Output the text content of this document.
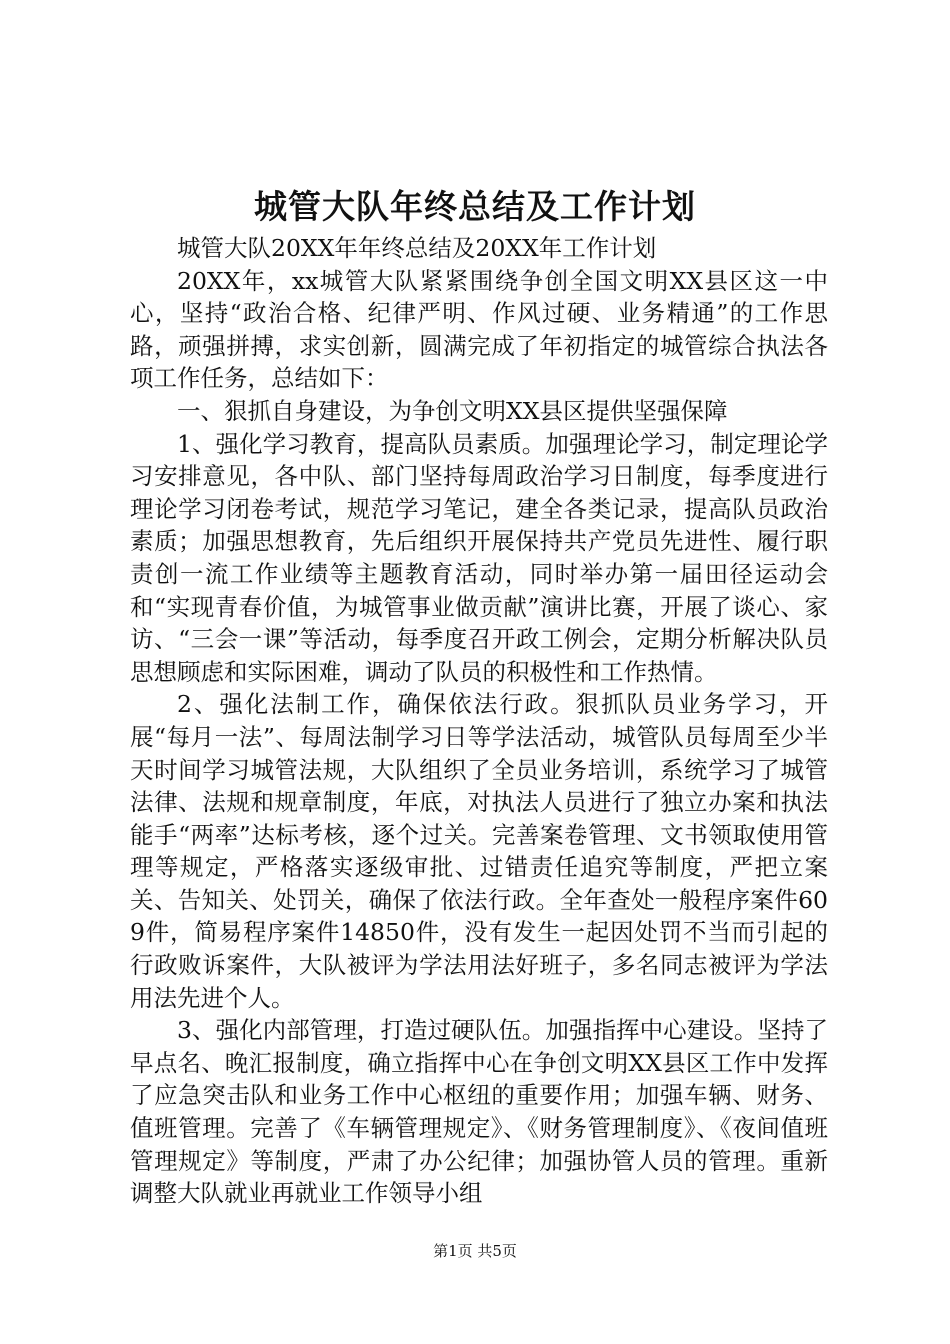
城管大队年终总结及工作计划

城管大队20XX年年终总结及20XX年工作计划

20XX年，xx城管大队紧紧围绕争创全国文明XX县区这一中心，坚持“政治合格、纪律严明、作风过硬、业务精通”的工作思路，顽强拼搏，求实创新，圆满完成了年初指定的城管综合执法各项工作任务，总结如下：

一、狠抓自身建设，为争创文明XX县区提供坚强保障

1、强化学习教育，提高队员素质。加强理论学习，制定理论学习安排意见，各中队、部门坚持每周政治学习日制度，每季度进行理论学习闭卷考试，规范学习笔记，建全各类记录，提高队员政治素质；加强思想教育，先后组织开展保持共产党员先进性、履行职责创一流工作业绩等主题教育活动，同时举办第一届田径运动会和“实现青春价值，为城管事业做贡献”演讲比赛，开展了谈心、家访、“三会一课”等活动，每季度召开政工例会，定期分析解决队员思想顾虑和实际困难，调动了队员的积极性和工作热情。

2、强化法制工作，确保依法行政。狠抓队员业务学习，开展“每月一法”、每周法制学习日等学法活动，城管队员每周至少半天时间学习城管法规，大队组织了全员业务培训，系统学习了城管法律、法规和规章制度，年底，对执法人员进行了独立办案和执法能手“两率”达标考核，逐个过关。完善案卷管理、文书领取使用管理等规定，严格落实逐级审批、过错责任追究等制度，严把立案关、告知关、处罚关，确保了依法行政。全年查处一般程序案件609件，简易程序案件14850件，没有发生一起因处罚不当而引起的行政败诉案件，大队被评为学法用法好班子，多名同志被评为学法用法先进个人。

3、强化内部管理，打造过硬队伍。加强指挥中心建设。坚持了早点名、晚汇报制度，确立指挥中心在争创文明XX县区工作中发挥了应急突击队和业务工作中心枢纽的重要作用；加强车辆、财务、值班管理。完善了《车辆管理规定》、《财务管理制度》、《夜间值班管理规定》等制度，严肃了办公纪律；加强协管人员的管理。重新调整大队就业再就业工作领导小组

第1页 共5页
